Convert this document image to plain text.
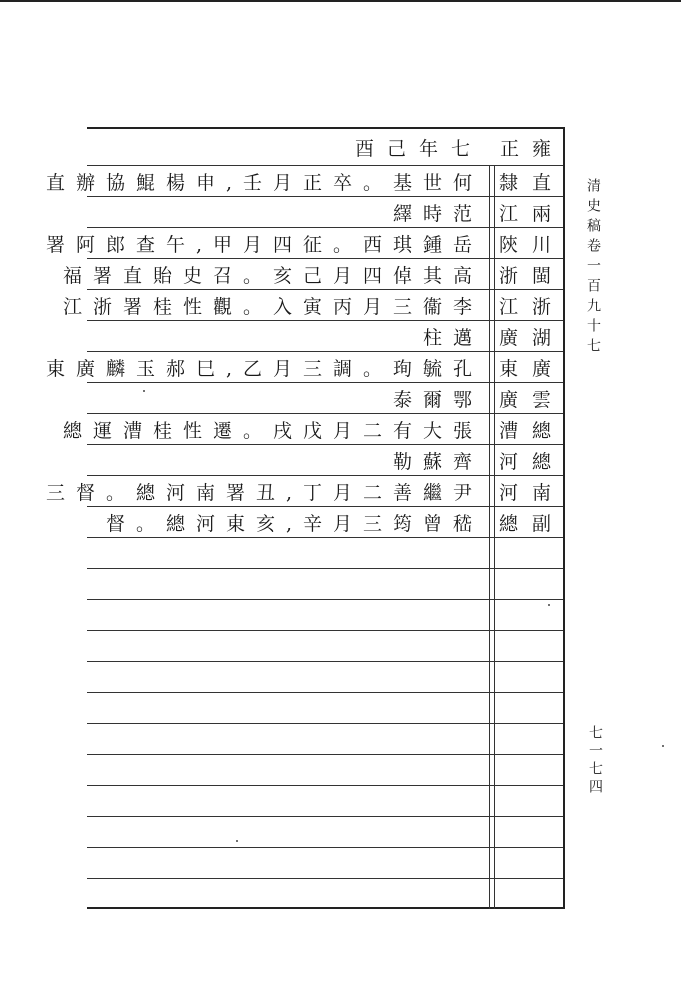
酉己年七 正雍
直辦協鯤楊申,壬月正卒。基世何 隸直
繹時范 江兩
署阿郎查午,甲月四征。西琪鍾岳 陝川
福署直貽史召。亥己月四倬其高 浙閩
江浙署桂性觀。入寅丙月三衞李 江浙
柱邁 廣湖
東廣麟玉郝巳,乙月三調。珣毓孔 東廣
泰爾鄂 廣雲
總運漕桂性遷。戌戊月二有大張 漕總
勒蘇齊 河總
三督。總河南署丑,丁月二善繼尹 河南
督。總河東亥,辛月三筠曾嵇 總副
清史稿卷一百九十七
七一七四
